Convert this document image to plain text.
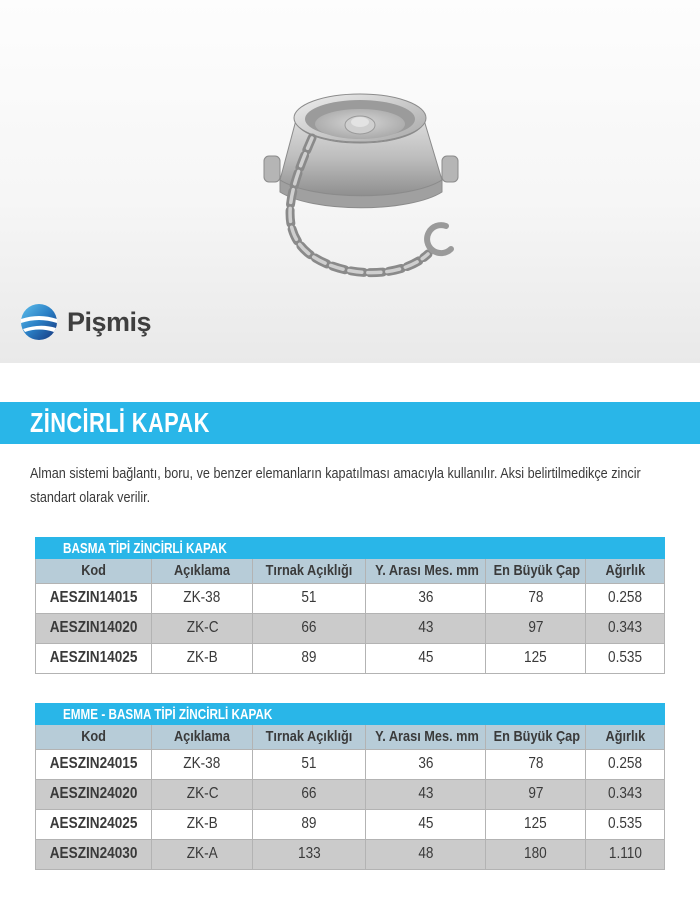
Pişmiş
ZİNCİRLİ KAPAK

Alman sistemi bağlantı, boru, ve benzer elemanların kapatılması amacıyla kullanılır. Aksi belirtilmedikçe zincir standart olarak verilir.

BASMA TİPİ ZİNCİRLİ KAPAK
Kod	Açıklama	Tırnak Açıklığı	Y. Arası Mes. mm	En Büyük Çap	Ağırlık
AESZIN14015	ZK-38	51	36	78	0.258
AESZIN14020	ZK-C	66	43	97	0.343
AESZIN14025	ZK-B	89	45	125	0.535
EMME - BASMA TİPİ ZİNCİRLİ KAPAK
Kod	Açıklama	Tırnak Açıklığı	Y. Arası Mes. mm	En Büyük Çap	Ağırlık
AESZIN24015	ZK-38	51	36	78	0.258
AESZIN24020	ZK-C	66	43	97	0.343
AESZIN24025	ZK-B	89	45	125	0.535
AESZIN24030	ZK-A	133	48	180	1.110
